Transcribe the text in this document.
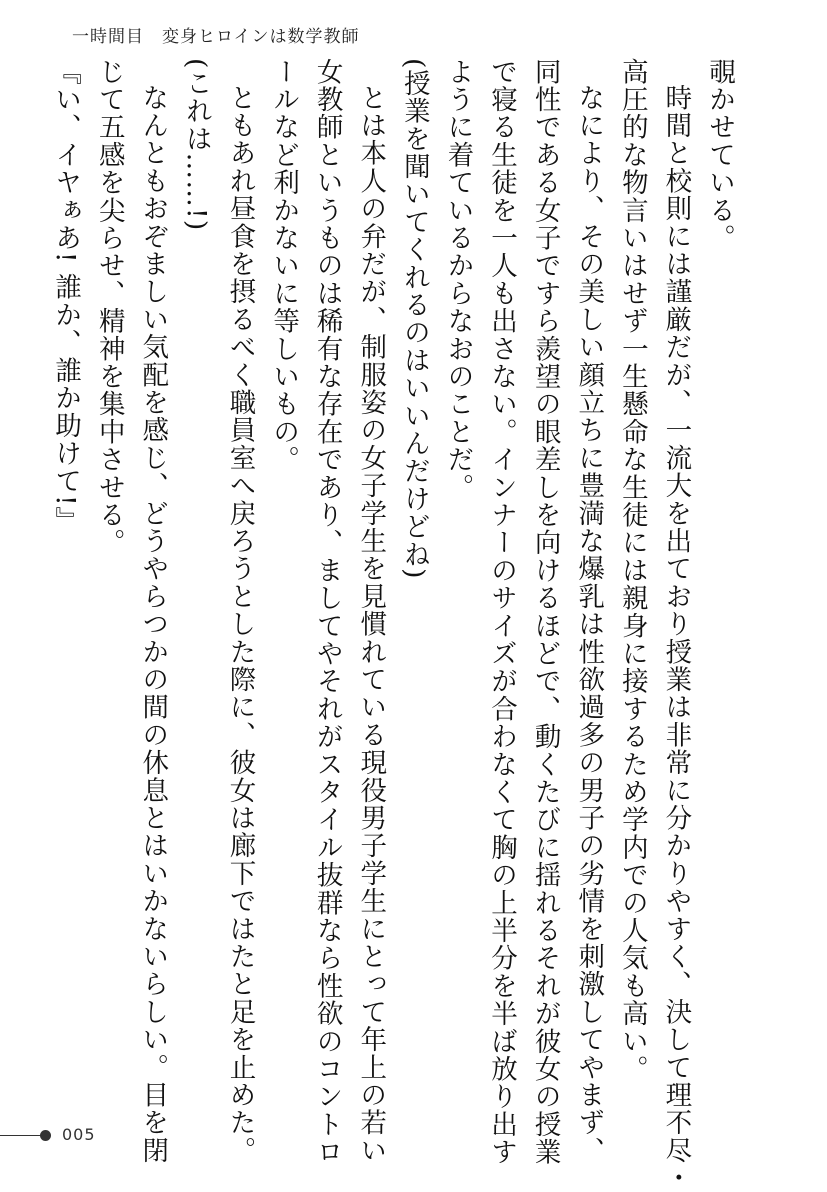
一時間目 変身ヒロインは数学教師
覗かせている。
時間と校則には謹厳だが、一流大を出ており授業は非常に分かりやすく、決して理不尽・
高圧的な物言いはせず一生懸命な生徒には親身に接するため学内での人気も高い。
なにより、その美しい顔立ちに豊満な爆乳は性欲過多の男子の劣情を刺激してやまず、
同性である女子ですら羨望の眼差しを向けるほどで、動くたびに揺れるそれが彼女の授業
で寝る生徒を一人も出さない。インナーのサイズが合わなくて胸の上半分を半ば放り出す
ように着ているからなおのことだ。
(授業を聞いてくれるのはいいんだけどね)
とは本人の弁だが、制服姿の女子学生を見慣れている現役男子学生にとって年上の若い
女教師というものは稀有な存在であり、ましてやそれがスタイル抜群なら性欲のコントロ
ールなど利かないに等しいもの。
ともあれ昼食を摂るべく職員室へ戻ろうとした際に、彼女は廊下ではたと足を止めた。
(これは……!)
なんともおぞましい気配を感じ、どうやらつかの間の休息とはいかないらしい。目を閉
じて五感を尖らせ、精神を集中させる。
『い、イヤぁあ! 誰か、誰か助けて!』
005
